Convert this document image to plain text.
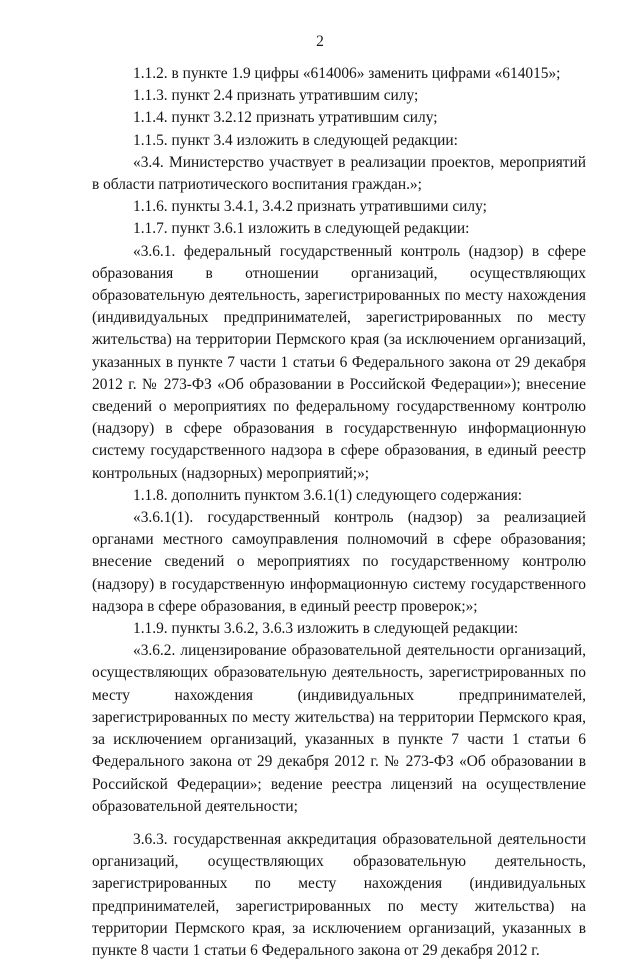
2

1.1.2. в пункте 1.9 цифры «614006» заменить цифрами «614015»;

1.1.3. пункт 2.4 признать утратившим силу;

1.1.4. пункт 3.2.12 признать утратившим силу;

1.1.5. пункт 3.4 изложить в следующей редакции:

«3.4. Министерство участвует в реализации проектов, мероприятий в области патриотического воспитания граждан.»;

1.1.6. пункты 3.4.1, 3.4.2 признать утратившими силу;

1.1.7. пункт 3.6.1 изложить в следующей редакции:

«3.6.1. федеральный государственный контроль (надзор) в сфере образования в отношении организаций, осуществляющих образовательную деятельность, зарегистрированных по месту нахождения (индивидуальных предпринимателей, зарегистрированных по месту жительства) на территории Пермского края (за исключением организаций, указанных в пункте 7 части 1 статьи 6 Федерального закона от 29 декабря 2012 г. № 273-ФЗ «Об образовании в Российской Федерации»); внесение сведений о мероприятиях по федеральному государственному контролю (надзору) в сфере образования в государственную информационную систему государственного надзора в сфере образования, в единый реестр контрольных (надзорных) мероприятий;»;

1.1.8. дополнить пунктом 3.6.1(1) следующего содержания:

«3.6.1(1). государственный контроль (надзор) за реализацией органами местного самоуправления полномочий в сфере образования; внесение сведений о мероприятиях по государственному контролю (надзору) в государственную информационную систему государственного надзора в сфере образования, в единый реестр проверок;»;

1.1.9. пункты 3.6.2, 3.6.3 изложить в следующей редакции:

«3.6.2. лицензирование образовательной деятельности организаций, осуществляющих образовательную деятельность, зарегистрированных по месту нахождения (индивидуальных предпринимателей, зарегистрированных по месту жительства) на территории Пермского края, за исключением организаций, указанных в пункте 7 части 1 статьи 6 Федерального закона от 29 декабря 2012 г. № 273-ФЗ «Об образовании в Российской Федерации»; ведение реестра лицензий на осуществление образовательной деятельности;

3.6.3. государственная аккредитация образовательной деятельности организаций, осуществляющих образовательную деятельность, зарегистрированных по месту нахождения (индивидуальных предпринимателей, зарегистрированных по месту жительства) на территории Пермского края, за исключением организаций, указанных в пункте 8 части 1 статьи 6 Федерального закона от 29 декабря 2012 г.
